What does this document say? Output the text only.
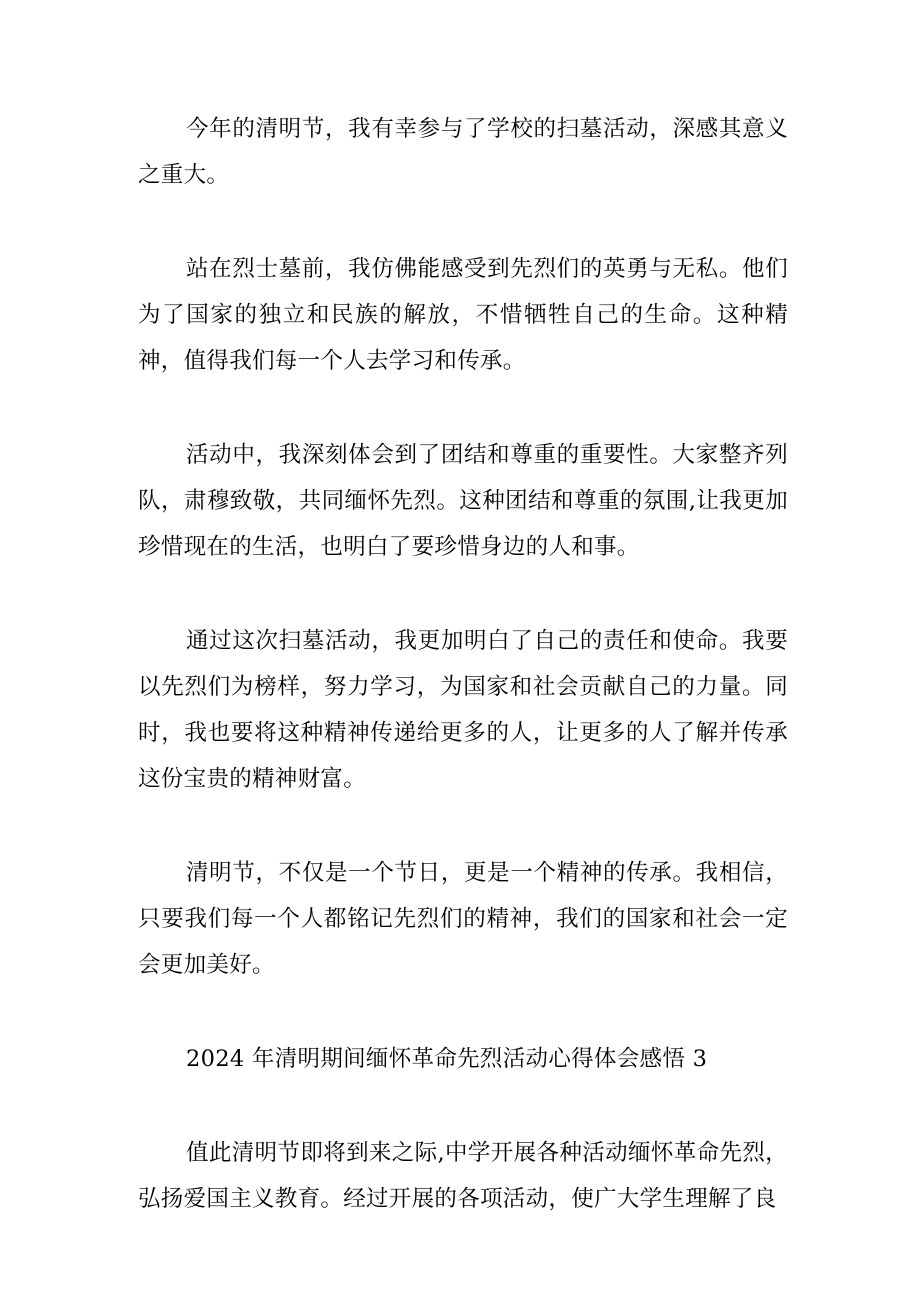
今年的清明节，我有幸参与了学校的扫墓活动，深感其意义之重大。

站在烈士墓前，我仿佛能感受到先烈们的英勇与无私。他们为了国家的独立和民族的解放，不惜牺牲自己的生命。这种精神，值得我们每一个人去学习和传承。

活动中，我深刻体会到了团结和尊重的重要性。大家整齐列队，肃穆致敬，共同缅怀先烈。这种团结和尊重的氛围,让我更加珍惜现在的生活，也明白了要珍惜身边的人和事。

通过这次扫墓活动，我更加明白了自己的责任和使命。我要以先烈们为榜样，努力学习，为国家和社会贡献自己的力量。同时，我也要将这种精神传递给更多的人，让更多的人了解并传承这份宝贵的精神财富。

清明节，不仅是一个节日，更是一个精神的传承。我相信，只要我们每一个人都铭记先烈们的精神，我们的国家和社会一定会更加美好。

2024 年清明期间缅怀革命先烈活动心得体会感悟 3

值此清明节即将到来之际,中学开展各种活动缅怀革命先烈，弘扬爱国主义教育。经过开展的各项活动，使广大学生理解了良
